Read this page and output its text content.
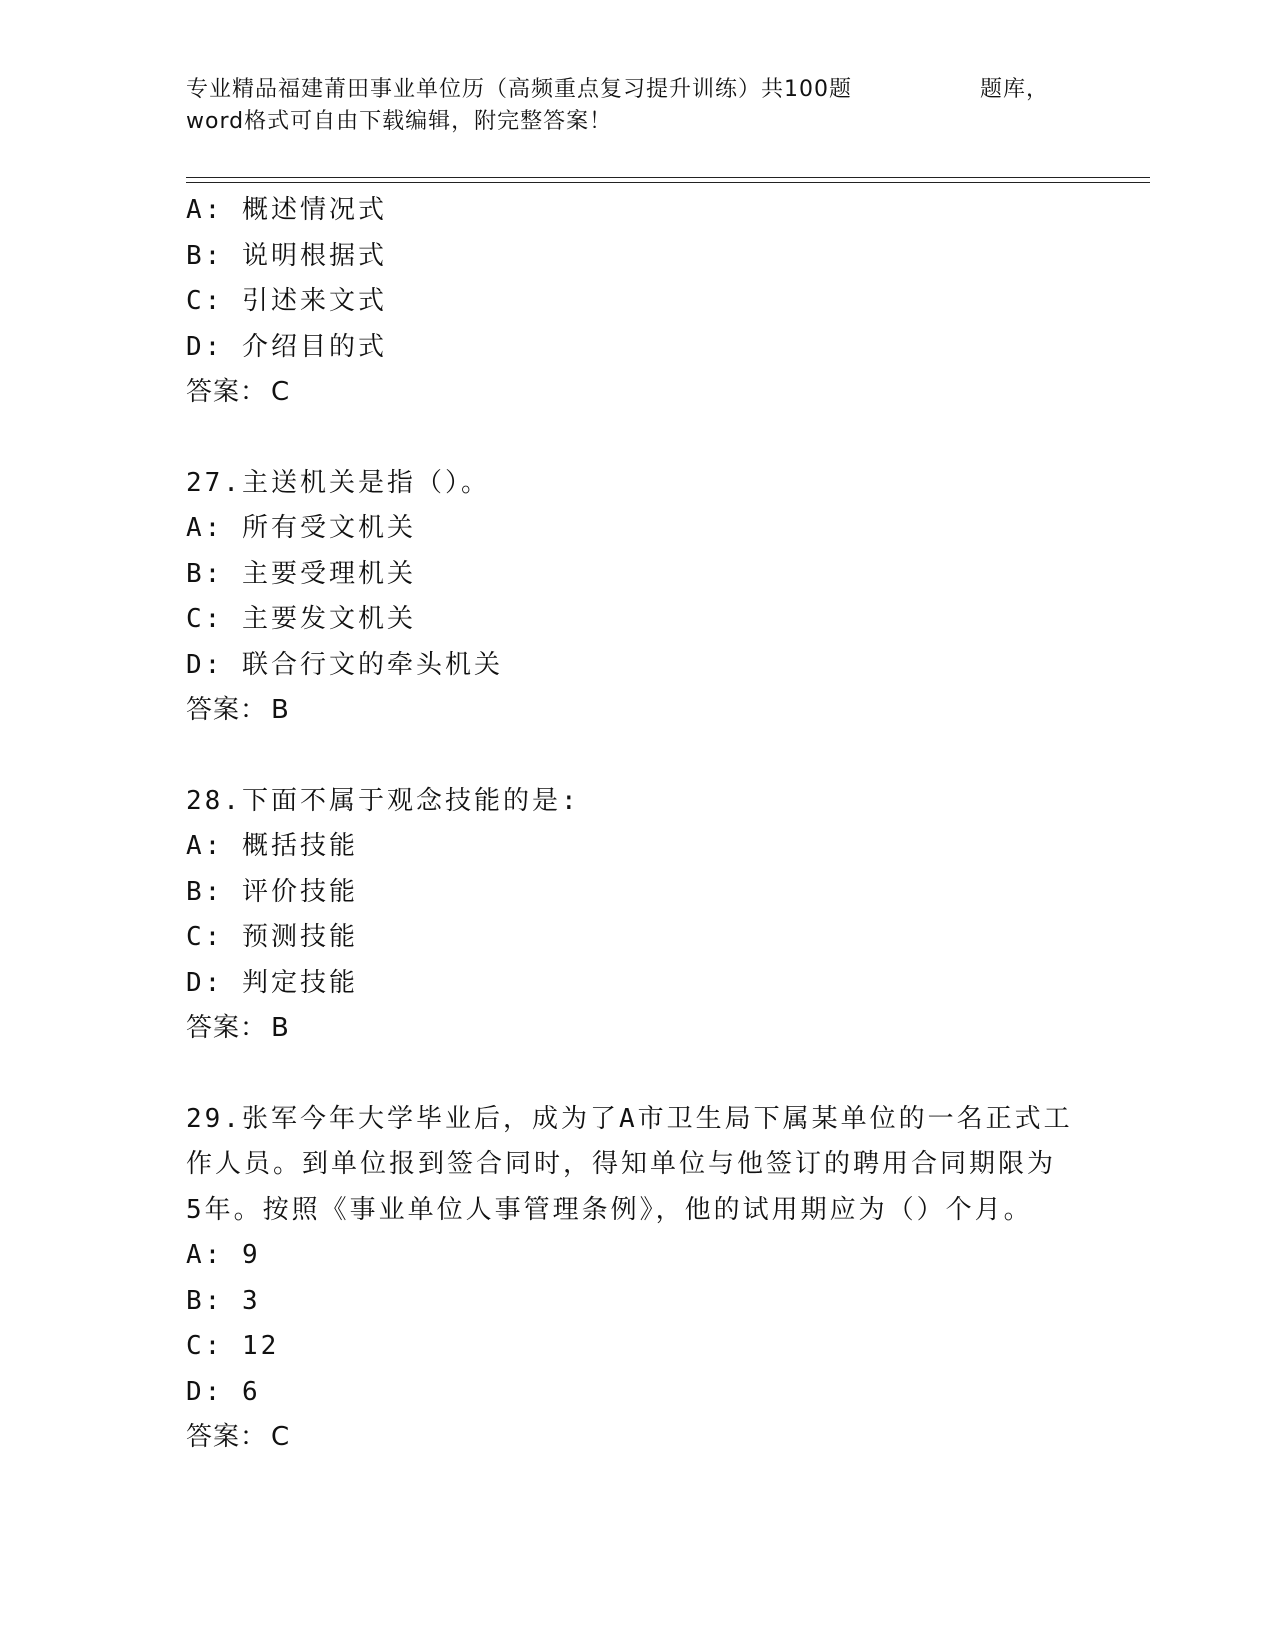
专业精品福建莆田事业单位历（高频重点复习提升训练）共100题	题库，
word格式可自由下载编辑，附完整答案！
A: 概述情况式
B: 说明根据式
C: 引述来文式
D: 介绍目的式
答案： C
27.主送机关是指（）。
A: 所有受文机关
B: 主要受理机关
C: 主要发文机关
D: 联合行文的牵头机关
答案： B
28.下面不属于观念技能的是:
A: 概括技能
B: 评价技能
C: 预测技能
D: 判定技能
答案： B
29.张军今年大学毕业后，成为了A市卫生局下属某单位的一名正式工
作人员。到单位报到签合同时，得知单位与他签订的聘用合同期限为
5年。按照《事业单位人事管理条例》，他的试用期应为（）个月。
A: 9
B: 3
C: 12
D: 6
答案： C
